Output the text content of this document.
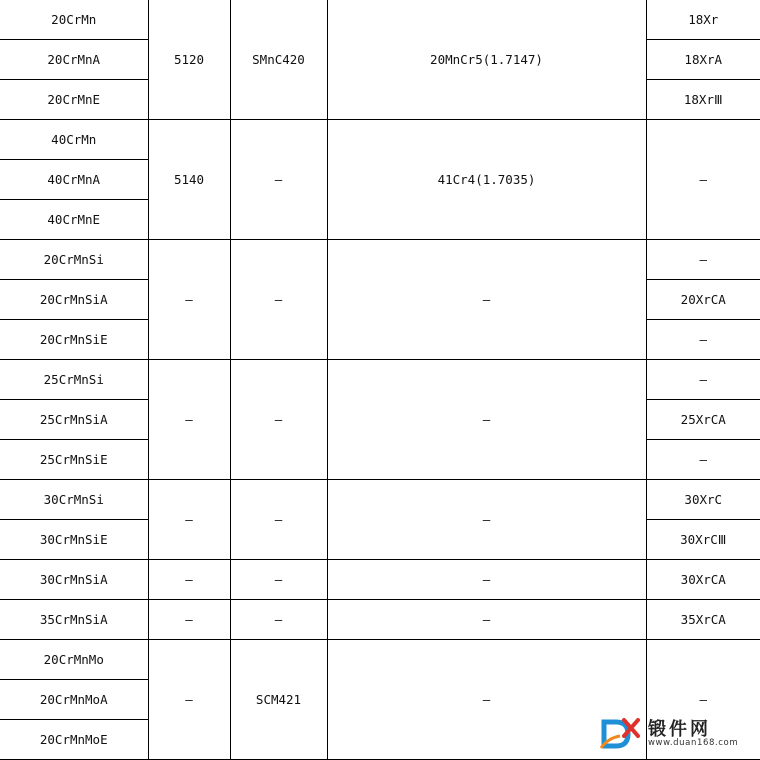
20CrMn	5120	SMnC420	20MnCr5(1.7147)	18Xr
20CrMnA				18XrA
20CrMnE				18XrⅢ
40CrMn	5140	—	41Cr4(1.7035)	—
40CrMnA				
40CrMnE				
20CrMnSi	—	—	—	—
20CrMnSiA				20XrCA
20CrMnSiE				—
25CrMnSi	—	—	—	—
25CrMnSiA				25XrCA
25CrMnSiE				—
30CrMnSi	—	—	—	30XrC
30CrMnSiE				30XrCⅢ
30CrMnSiA	—	—	—	30XrCA
35CrMnSiA	—	—	—	35XrCA
20CrMnMo	—	SCM421	—	—
20CrMnMoA				
20CrMnMoE					锻件网
www.duan168.com
